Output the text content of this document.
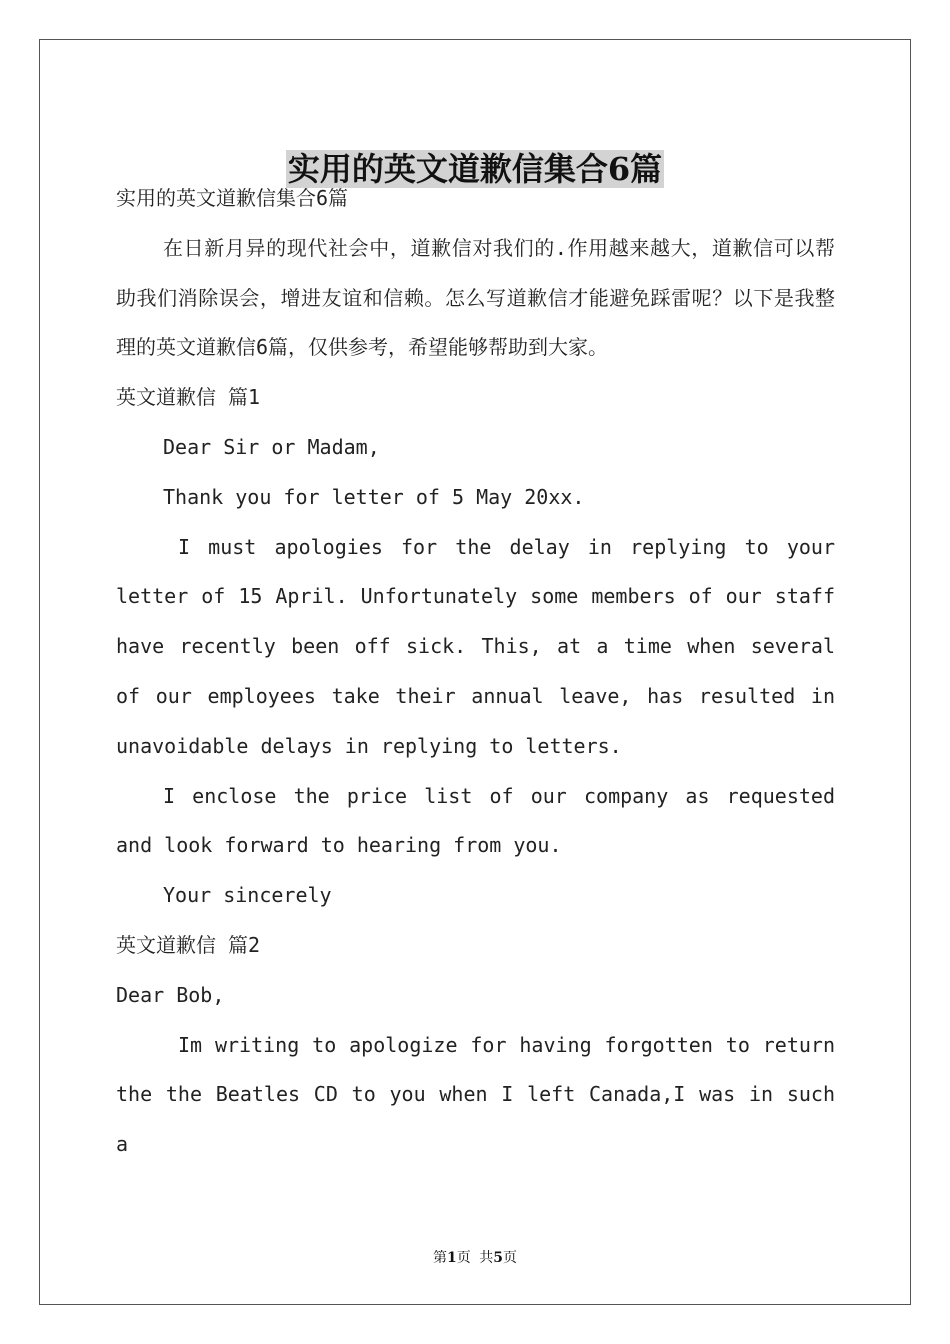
实用的英文道歉信集合6篇

实用的英文道歉信集合6篇

在日新月异的现代社会中，道歉信对我们的.作用越来越大，道歉信可以帮助我们消除误会，增进友谊和信赖。怎么写道歉信才能避免踩雷呢？以下是我整理的英文道歉信6篇，仅供参考，希望能够帮助到大家。

英文道歉信 篇1

Dear Sir or Madam,

Thank you for letter of 5 May 20xx.

I must apologies for the delay in replying to your letter of 15 April. Unfortunately some members of our staff have recently been off sick. This, at a time when several of our employees take their annual leave, has resulted in unavoidable delays in replying to letters.

I enclose the price list of our company as requested and look forward to hearing from you.

Your sincerely

英文道歉信 篇2

Dear Bob,

Im writing to apologize for having forgotten to return the the Beatles CD to you when I left Canada,I was in such a

第1页 共5页
